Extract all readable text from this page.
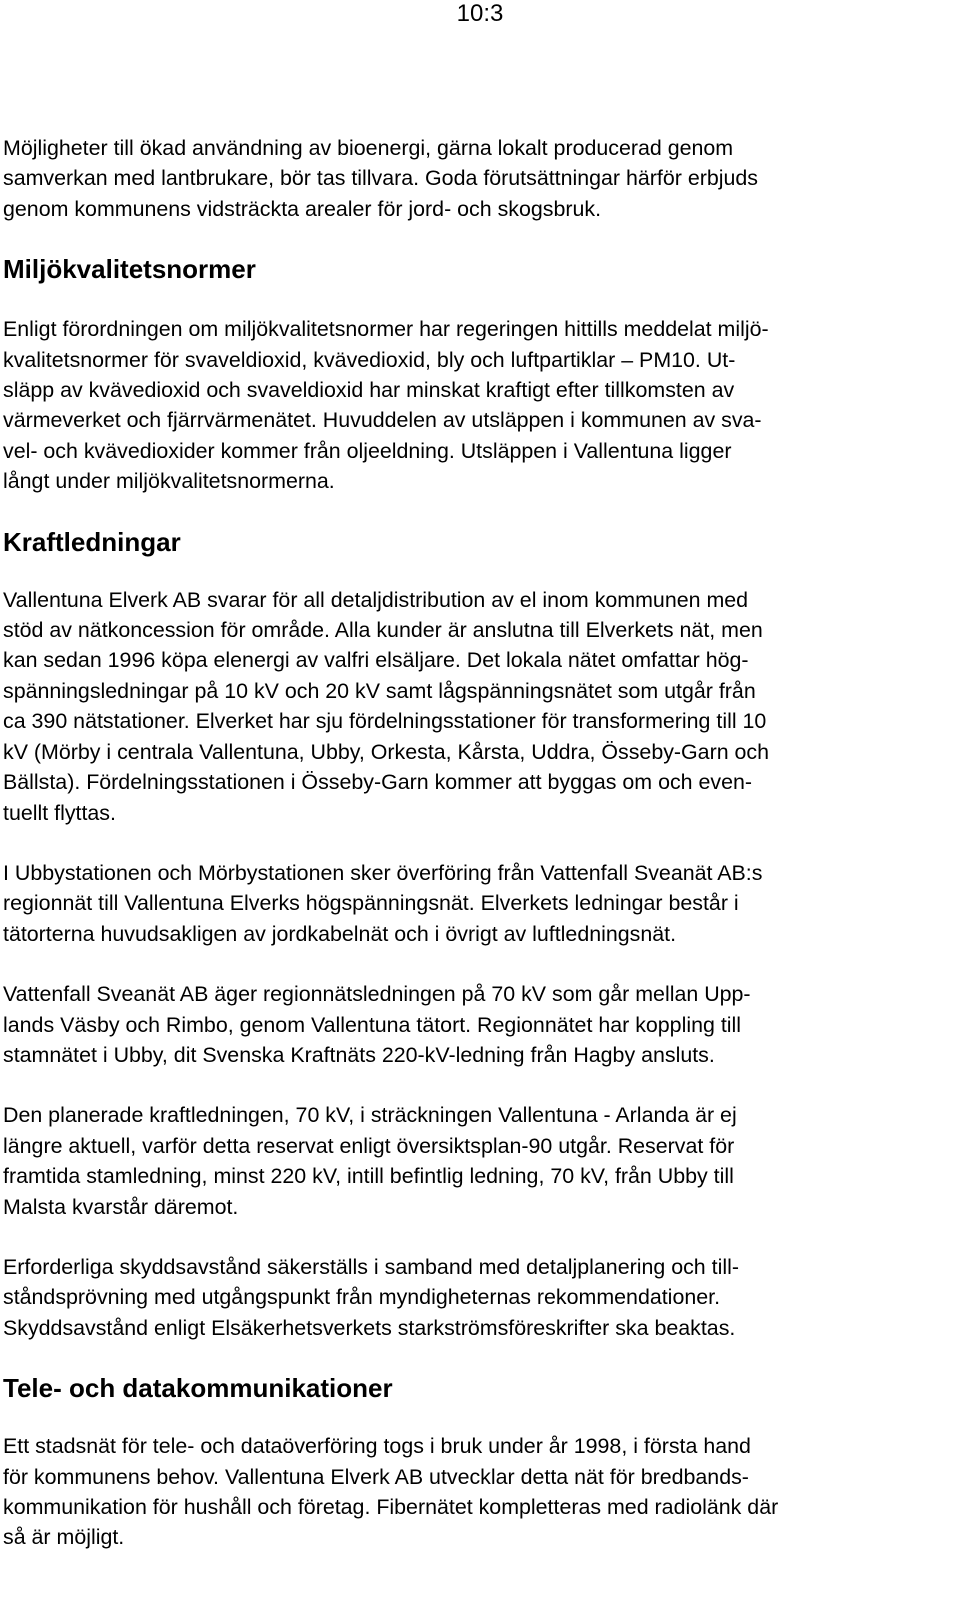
10:3

Möjligheter till ökad användning av bioenergi, gärna lokalt producerad genom
samverkan med lantbrukare, bör tas tillvara. Goda förutsättningar härför erbjuds
genom kommunens vidsträckta arealer för jord- och skogsbruk.

Miljökvalitetsnormer

Enligt förordningen om miljökvalitetsnormer har regeringen hittills meddelat miljö-
kvalitetsnormer för svaveldioxid, kvävedioxid, bly och luftpartiklar – PM10. Ut-
släpp av kvävedioxid och svaveldioxid har minskat kraftigt efter tillkomsten av
värmeverket och fjärrvärmenätet. Huvuddelen av utsläppen i kommunen av sva-
vel- och kvävedioxider kommer från oljeeldning. Utsläppen i Vallentuna ligger
långt under miljökvalitetsnormerna.

Kraftledningar

Vallentuna Elverk AB svarar för all detaljdistribution av el inom kommunen med
stöd av nätkoncession för område. Alla kunder är anslutna till Elverkets nät, men
kan sedan 1996 köpa elenergi av valfri elsäljare. Det lokala nätet omfattar hög-
spänningsledningar på 10 kV och 20 kV samt lågspänningsnätet som utgår från
ca 390 nätstationer. Elverket har sju fördelningsstationer för transformering till 10
kV (Mörby i centrala Vallentuna, Ubby, Orkesta, Kårsta, Uddra, Össeby-Garn och
Bällsta). Fördelningsstationen i Össeby-Garn kommer att byggas om och even-
tuellt flyttas.

I Ubbystationen och Mörbystationen sker överföring från Vattenfall Sveanät AB:s
regionnät till Vallentuna Elverks högspänningsnät. Elverkets ledningar består i
tätorterna huvudsakligen av jordkabelnät och i övrigt av luftledningsnät.

Vattenfall Sveanät AB äger regionnätsledningen på 70 kV som går mellan Upp-
lands Väsby och Rimbo, genom Vallentuna tätort. Regionnätet har koppling till
stamnätet i Ubby, dit Svenska Kraftnäts 220-kV-ledning från Hagby ansluts.

Den planerade kraftledningen, 70 kV, i sträckningen Vallentuna - Arlanda är ej
längre aktuell, varför detta reservat enligt översiktsplan-90 utgår. Reservat för
framtida stamledning, minst 220 kV, intill befintlig ledning, 70 kV, från Ubby till
Malsta kvarstår däremot.

Erforderliga skyddsavstånd säkerställs i samband med detaljplanering och till-
ståndsprövning med utgångspunkt från myndigheternas rekommendationer.
Skyddsavstånd enligt Elsäkerhetsverkets starkströmsföreskrifter ska beaktas.

Tele- och datakommunikationer

Ett stadsnät för tele- och dataöverföring togs i bruk under år 1998, i första hand
för kommunens behov. Vallentuna Elverk AB utvecklar detta nät för bredbands-
kommunikation för hushåll och företag. Fibernätet kompletteras med radiolänk där
så är möjligt.
